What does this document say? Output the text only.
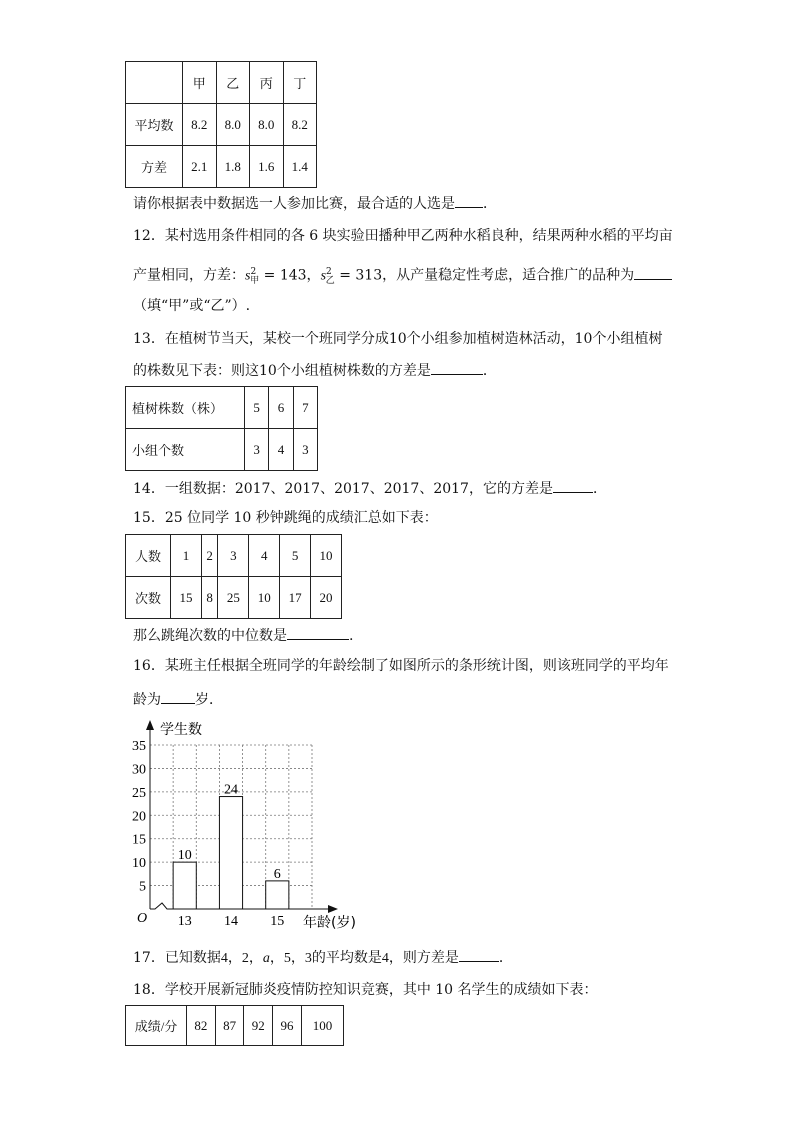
	甲	乙	丙	丁
平均数	8.2	8.0	8.0	8.2
方差	2.1	1.8	1.6	1.4
请你根据表中数据选一人参加比赛，最合适的人选是 ．
12．某村选用条件相同的各 6 块实验田播种甲乙两种水稻良种，结果两种水稻的平均亩
产量相同，方差：$s^2_甲 = 143$，$s^2_乙 = 313$，从产量稳定性考虑，适合推广的品种为
（填“甲”或“乙”）.
13．在植树节当天，某校一个班同学分成10个小组参加植树造林活动，10个小组植树
的株数见下表：则这10个小组植树株数的方差是	．
植树株数（株）	5	6	7
小组个数	3	4	3
14．一组数据：2017、2017、2017、2017、2017，它的方差是	．
15．25 位同学 10 秒钟跳绳的成绩汇总如下表：
人数	1	2	3	4	5	10
次数	15	8	25	10	17	20
那么跳绳次数的中位数是	.
16．某班主任根据全班同学的年龄绘制了如图所示的条形统计图，则该班同学的平均年
龄为 岁．
5
10
15
20
25
30
35
学生数
年龄(岁)
O
10
13
24
14
6
15
17．已知数据4，2，a，5，3的平均数是4，则方差是	．
18．学校开展新冠肺炎疫情防控知识竞赛，其中 10 名学生的成绩如下表：
成绩/分	82	87	92	96	100
